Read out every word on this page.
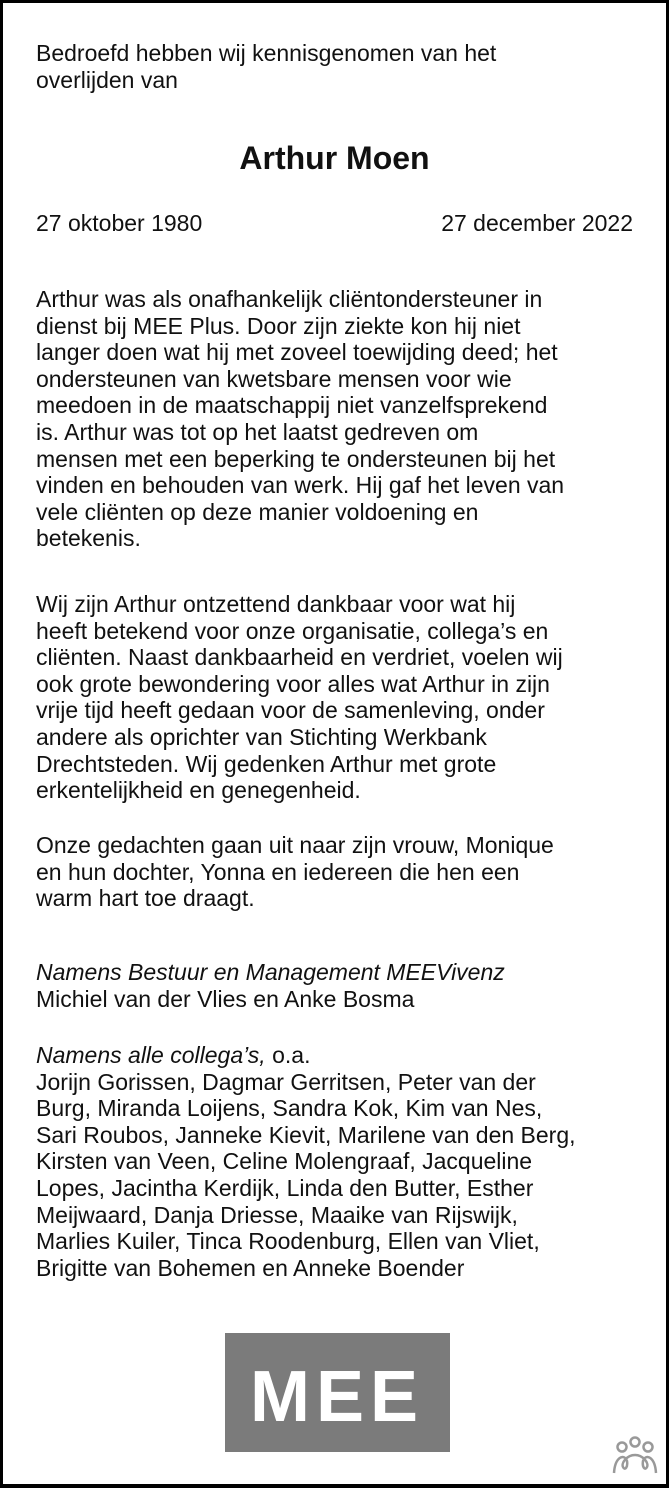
Bedroefd hebben wij kennisgenomen van het
overlijden van
Arthur Moen
27 oktober 1980	27 december 2022
Arthur was als onafhankelijk cliëntondersteuner in
dienst bij MEE Plus. Door zijn ziekte kon hij niet
langer doen wat hij met zoveel toewijding deed; het
ondersteunen van kwetsbare mensen voor wie
meedoen in de maatschappij niet vanzelfsprekend
is. Arthur was tot op het laatst gedreven om
mensen met een beperking te ondersteunen bij het
vinden en behouden van werk. Hij gaf het leven van
vele cliënten op deze manier voldoening en
betekenis.
Wij zijn Arthur ontzettend dankbaar voor wat hij
heeft betekend voor onze organisatie, collega’s en
cliënten. Naast dankbaarheid en verdriet, voelen wij
ook grote bewondering voor alles wat Arthur in zijn
vrije tijd heeft gedaan voor de samenleving, onder
andere als oprichter van Stichting Werkbank
Drechtsteden. Wij gedenken Arthur met grote
erkentelijkheid en genegenheid.
Onze gedachten gaan uit naar zijn vrouw, Monique
en hun dochter, Yonna en iedereen die hen een
warm hart toe draagt.
Namens Bestuur en Management MEEVivenz
Michiel van der Vlies en Anke Bosma
Namens alle collega’s, o.a.
Jorijn Gorissen, Dagmar Gerritsen, Peter van der
Burg, Miranda Loijens, Sandra Kok, Kim van Nes,
Sari Roubos, Janneke Kievit, Marilene van den Berg,
Kirsten van Veen, Celine Molengraaf, Jacqueline
Lopes, Jacintha Kerdijk, Linda den Butter, Esther
Meijwaard, Danja Driesse, Maaike van Rijswijk,
Marlies Kuiler, Tinca Roodenburg, Ellen van Vliet,
Brigitte van Bohemen en Anneke Boender
MEE
